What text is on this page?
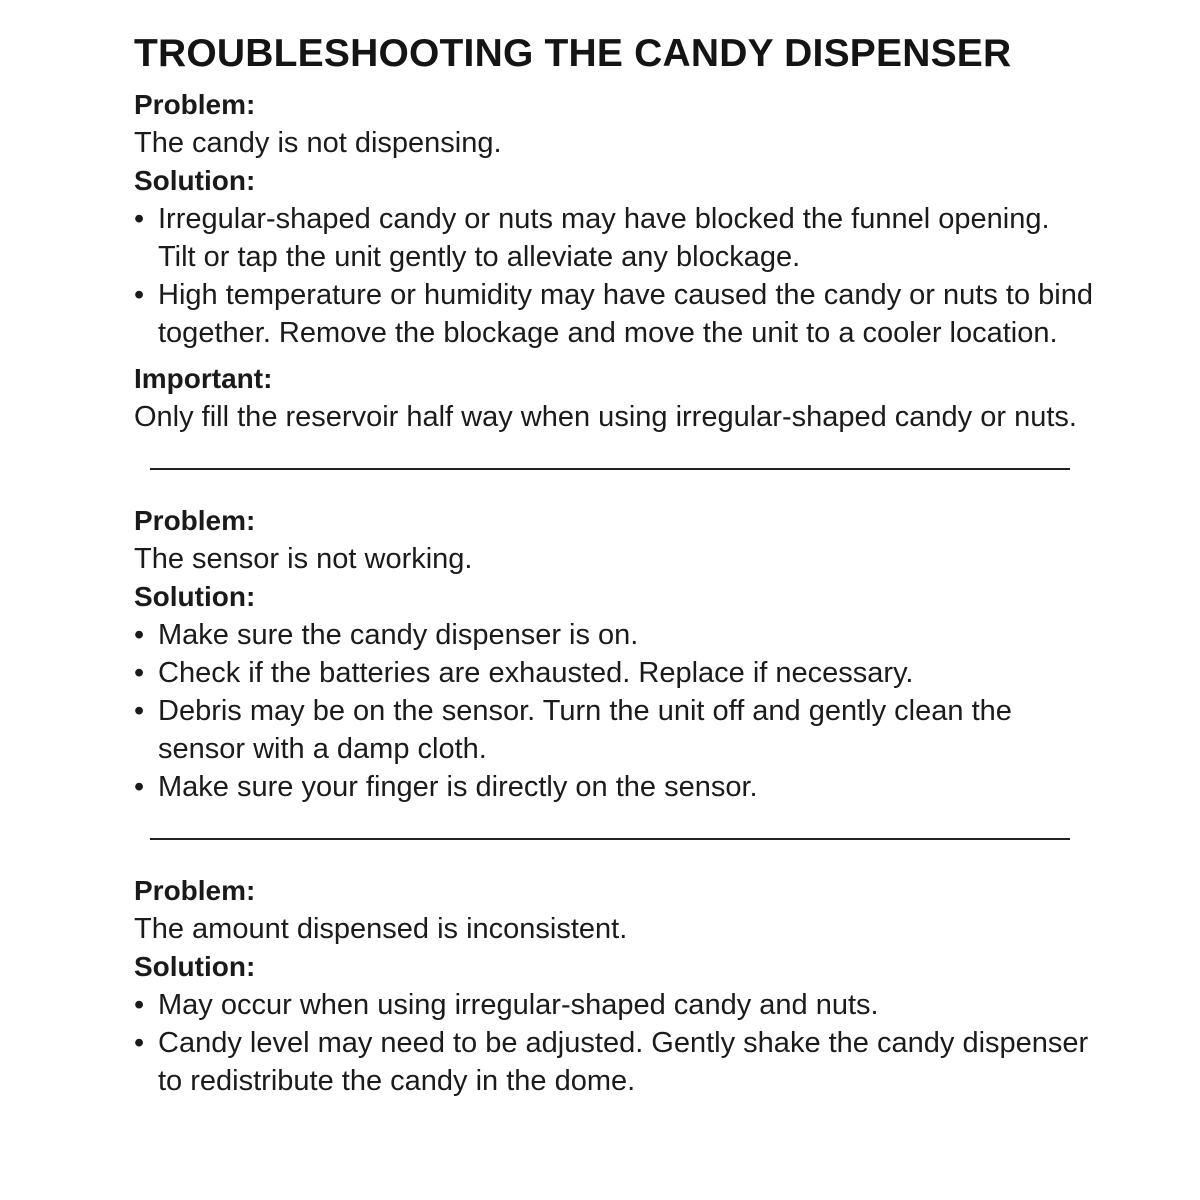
TROUBLESHOOTING THE CANDY DISPENSER

Problem:

The candy is not dispensing.

Solution:

• Irregular-shaped candy or nuts may have blocked the funnel opening. Tilt or tap the unit gently to alleviate any blockage.
• High temperature or humidity may have caused the candy or nuts to bind together. Remove the blockage and move the unit to a cooler location.

Important:

Only fill the reservoir half way when using irregular-shaped candy or nuts.

Problem:

The sensor is not working.

Solution:

• Make sure the candy dispenser is on.
• Check if the batteries are exhausted. Replace if necessary.
• Debris may be on the sensor. Turn the unit off and gently clean the sensor with a damp cloth.
• Make sure your finger is directly on the sensor.

Problem:

The amount dispensed is inconsistent.

Solution:

• May occur when using irregular-shaped candy and nuts.
• Candy level may need to be adjusted. Gently shake the candy dispenser to redistribute the candy in the dome.
